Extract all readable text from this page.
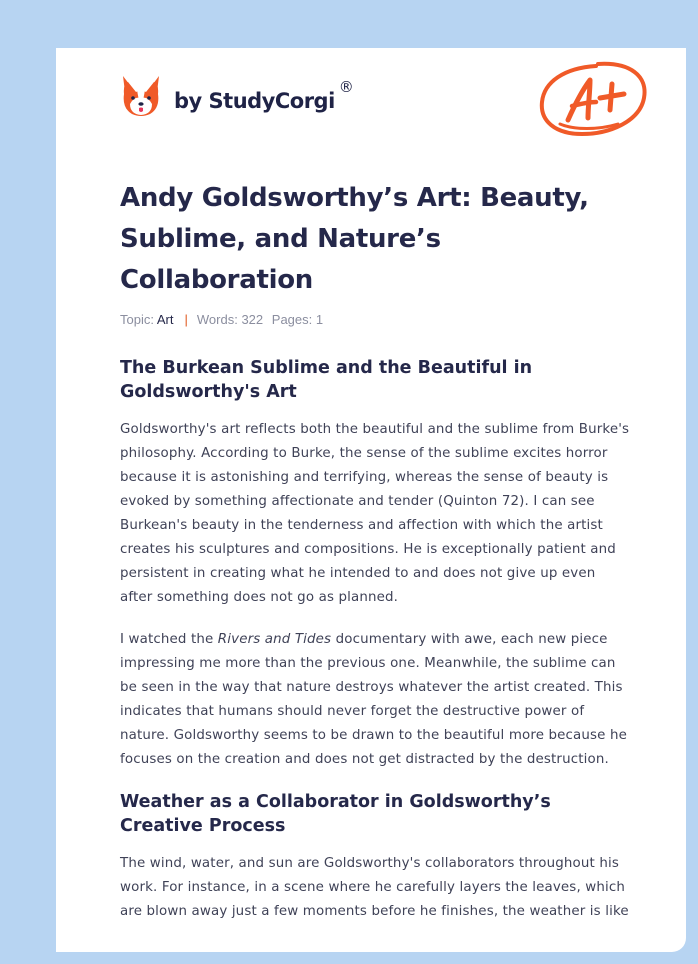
by StudyCorgi
®
Andy Goldsworthy’s Art: Beauty, Sublime, and Nature’s Collaboration
Topic: Art | Words: 322 Pages: 1
The Burkean Sublime and the Beautiful in Goldsworthy's Art

Goldsworthy's art reflects both the beautiful and the sublime from Burke's philosophy. According to Burke, the sense of the sublime excites horror because it is astonishing and terrifying, whereas the sense of beauty is evoked by something affectionate and tender (Quinton 72). I can see Burkean's beauty in the tenderness and affection with which the artist creates his sculptures and compositions. He is exceptionally patient and persistent in creating what he intended to and does not give up even after something does not go as planned.

I watched the Rivers and Tides documentary with awe, each new piece impressing me more than the previous one. Meanwhile, the sublime can be seen in the way that nature destroys whatever the artist created. This indicates that humans should never forget the destructive power of nature. Goldsworthy seems to be drawn to the beautiful more because he focuses on the creation and does not get distracted by the destruction.

Weather as a Collaborator in Goldsworthy’s Creative Process

The wind, water, and sun are Goldsworthy's collaborators throughout his work. For instance, in a scene where he carefully layers the leaves, which are blown away just a few moments before he finishes, the weather is like
